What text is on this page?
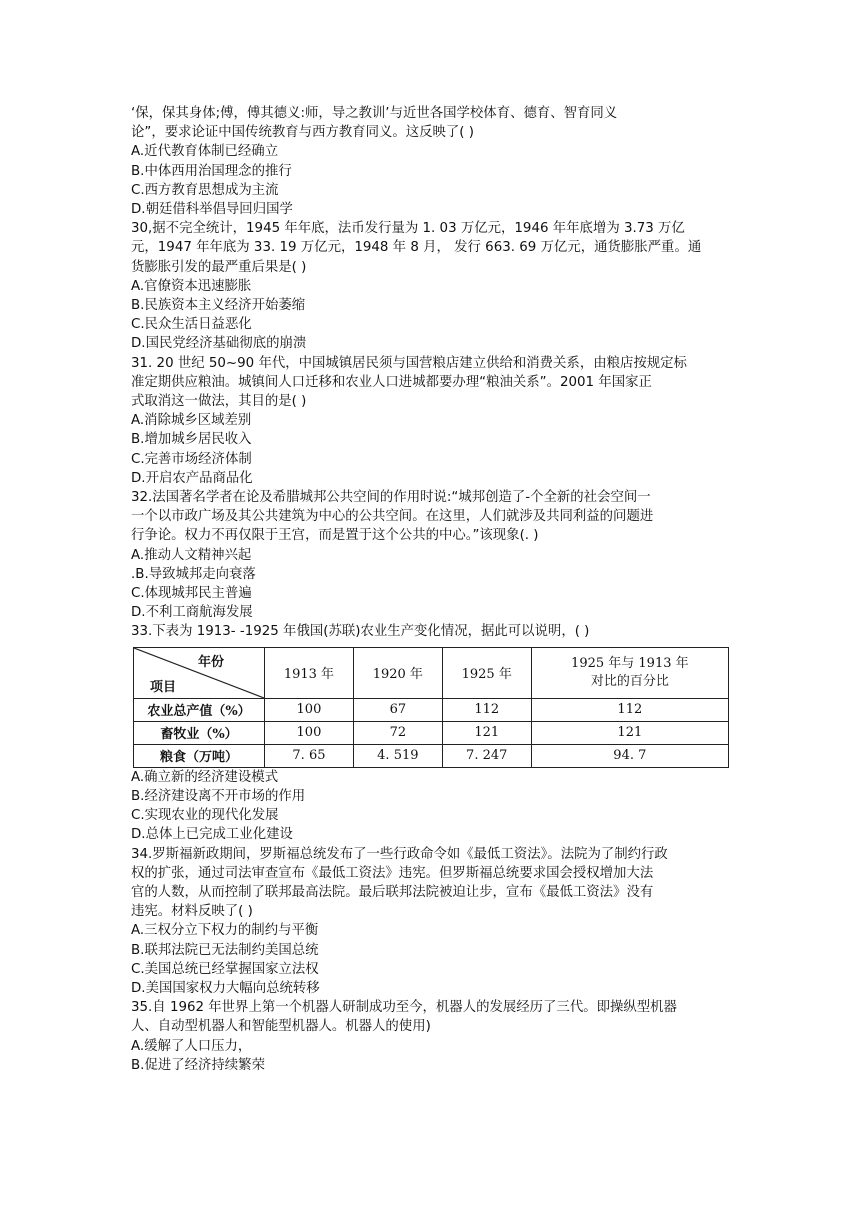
‘保，保其身体;傅，傅其德义:师，导之教训’与近世各国学校体育、德育、智育同义
论”，要求论证中国传统教育与西方教育同义。这反映了( )
A.近代教育体制已经确立
B.中体西用治国理念的推行
C.西方教育思想成为主流
D.朝廷借科举倡导回归国学
30,据不完全统计，1945 年年底，法币发行量为 1. 03 万亿元，1946 年年底增为 3.73 万亿
元，1947 年年底为 33. 19 万亿元，1948 年 8 月， 发行 663. 69 万亿元，通货膨胀严重。通
货膨胀引发的最严重后果是( )
A.官僚资本迅速膨胀
B.民族资本主义经济开始萎缩
C.民众生活日益恶化
D.国民党经济基础彻底的崩溃
31. 20 世纪 50~90 年代，中国城镇居民须与国营粮店建立供给和消费关系，由粮店按规定标
准定期供应粮油。城镇间人口迁移和农业人口进城都要办理“粮油关系”。2001 年国家正
式取消这一做法，其目的是( )
A.消除城乡区域差别
B.增加城乡居民收入
C.完善市场经济体制
D.开启农产品商品化
32.法国著名学者在论及希腊城邦公共空间的作用时说:“城邦创造了-个全新的社会空间一
一个以市政广场及其公共建筑为中心的公共空间。在这里，人们就涉及共同利益的问题进
行争论。权力不再仅限于王宫，而是置于这个公共的中心。”该现象(. )
A.推动人文精神兴起
.B.导致城邦走向衰落
C.体现城邦民主普遍
D.不利工商航海发展
33.下表为 1913- -1925 年俄国(苏联)农业生产变化情况，据此可以说明，( )
年份
项目	1913 年	1920 年	1925 年	1925 年与 1913 年
对比的百分比
农业总产值（%）	100	67	112	112
畜牧业（%）	100	72	121	121
粮食（万吨）	7. 65	4. 519	7. 247	94. 7
A.确立新的经济建设模式
B.经济建设离不开市场的作用
C.实现农业的现代化发展
D.总体上已完成工业化建设
34.罗斯福新政期间，罗斯福总统发布了一些行政命令如《最低工资法》。法院为了制约行政
权的扩张，通过司法审查宣布《最低工资法》违宪。但罗斯福总统要求国会授权增加大法
官的人数，从而控制了联邦最高法院。最后联邦法院被迫让步，宣布《最低工资法》没有
违宪。材料反映了( )
A.三权分立下权力的制约与平衡
B.联邦法院已无法制约美国总统
C.美国总统已经掌握国家立法权
D.美国国家权力大幅向总统转移
35.自 1962 年世界上第一个机器人研制成功至今，机器人的发展经历了三代。即操纵型机器
人、自动型机器人和智能型机器人。机器人的使用)
A.缓解了人口压力，
B.促进了经济持续繁荣
